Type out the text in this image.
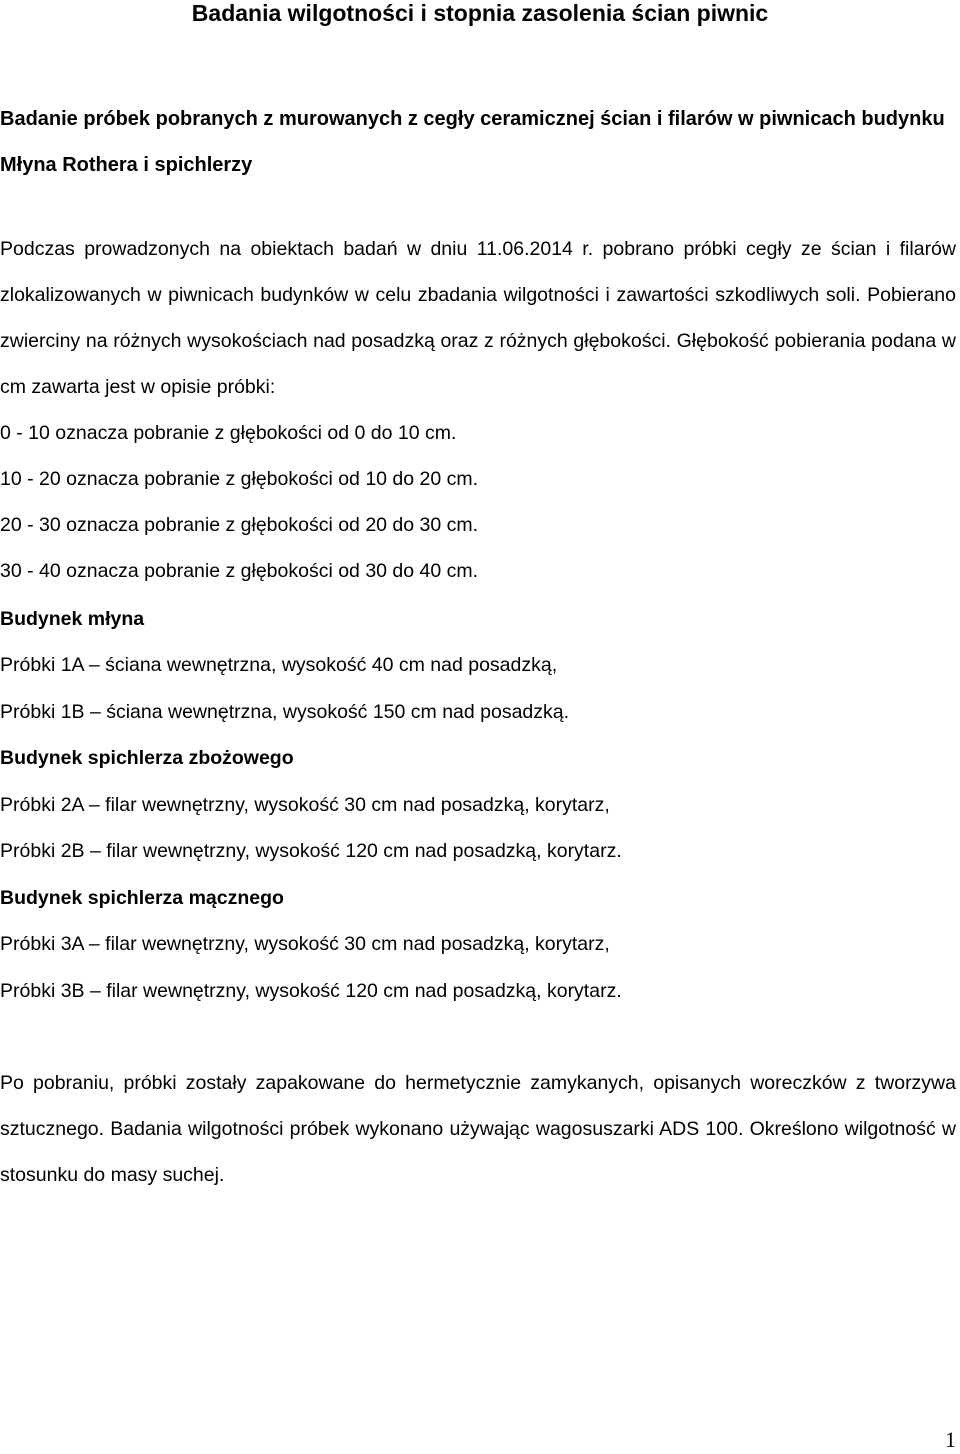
Badania wilgotności i stopnia zasolenia ścian piwnic
Badanie próbek pobranych z murowanych z cegły ceramicznej ścian i filarów w piwnicach budynku Młyna Rothera i spichlerzy
Podczas prowadzonych na obiektach badań w dniu 11.06.2014 r. pobrano próbki cegły ze ścian i filarów zlokalizowanych w piwnicach budynków w celu zbadania wilgotności i zawartości szkodliwych soli. Pobierano zwierciny na różnych wysokościach nad posadzką oraz z różnych głębokości. Głębokość pobierania podana w cm zawarta jest w opisie próbki:
0 - 10 oznacza pobranie z głębokości od 0 do 10 cm.
10 - 20 oznacza pobranie z głębokości od 10 do 20 cm.
20 - 30 oznacza pobranie z głębokości od 20 do 30 cm.
30 - 40 oznacza pobranie z głębokości od 30 do 40 cm.
Budynek młyna
Próbki 1A – ściana wewnętrzna, wysokość 40 cm nad posadzką,
Próbki 1B – ściana wewnętrzna, wysokość 150 cm nad posadzką.
Budynek spichlerza zbożowego
Próbki 2A – filar wewnętrzny, wysokość 30 cm nad posadzką, korytarz,
Próbki 2B – filar wewnętrzny, wysokość 120 cm nad posadzką, korytarz.
Budynek spichlerza mącznego
Próbki 3A – filar wewnętrzny, wysokość 30 cm nad posadzką, korytarz,
Próbki 3B – filar wewnętrzny, wysokość 120 cm nad posadzką, korytarz.
Po pobraniu, próbki zostały zapakowane do hermetycznie zamykanych, opisanych woreczków z tworzywa sztucznego. Badania wilgotności próbek wykonano używając wagosuszarki ADS 100. Określono wilgotność w stosunku do masy suchej.
1
